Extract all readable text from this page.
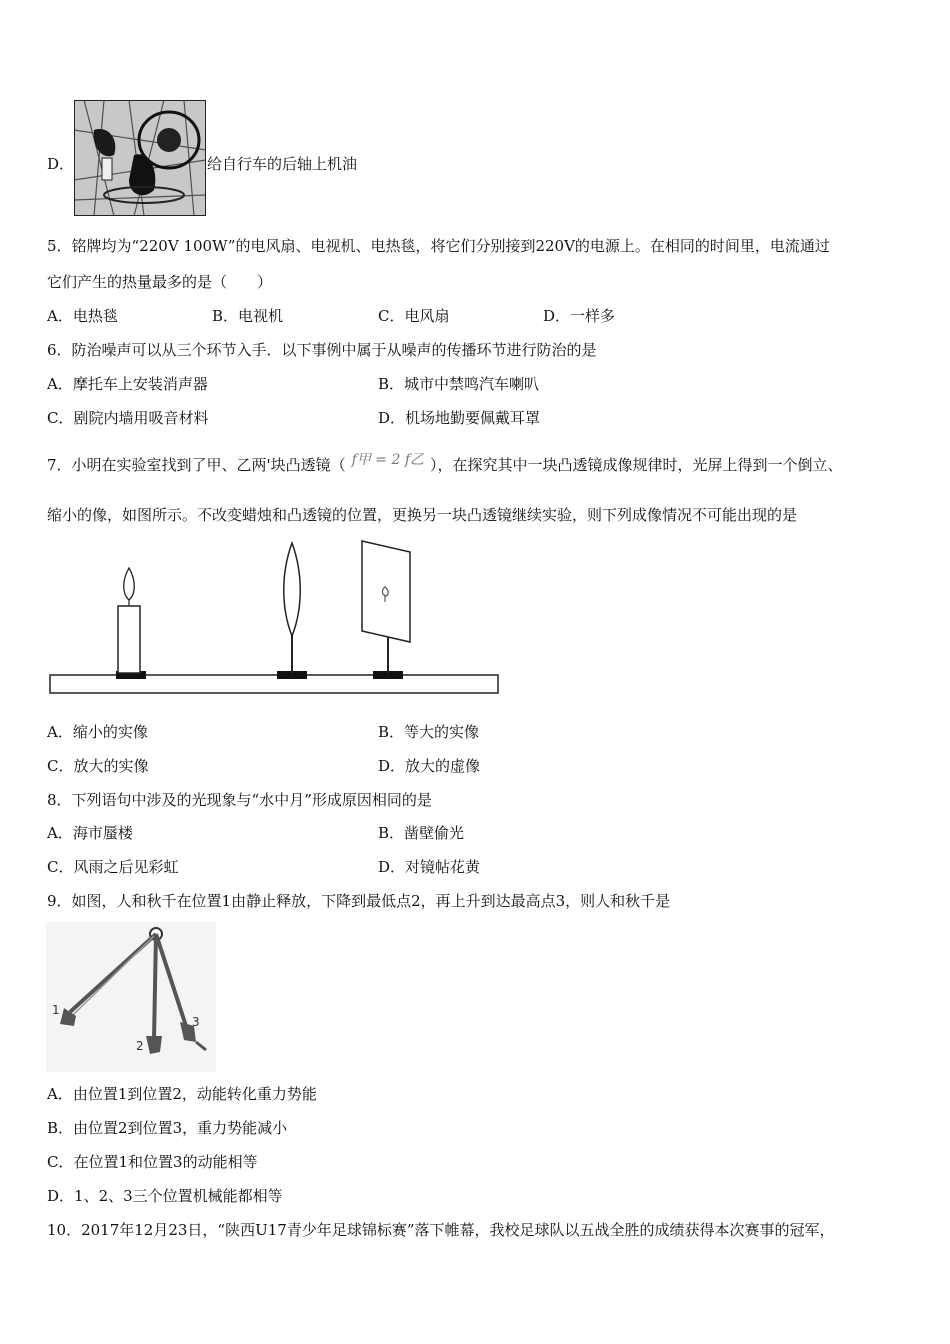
D．	给自行车的后轴上机油
5．铭牌均为“220V 100W”的电风扇、电视机、电热毯，将它们分别接到220V的电源上。在相同的时间里，电流通过
它们产生的热量最多的是（　　）
A．电热毯	B．电视机	C．电风扇	D．一样多
6．防治噪声可以从三个环节入手．以下事例中属于从噪声的传播环节进行防治的是
A．摩托车上安装消声器	B．城市中禁鸣汽车喇叭
C．剧院内墙用吸音材料	D．机场地勤要佩戴耳罩
7．小明在实验室找到了甲、乙两'块凸透镜（ f甲 = 2 f乙 ），在探究其中一块凸透镜成像规律时，光屏上得到一个倒立、
缩小的像，如图所示。不改变蜡烛和凸透镜的位置，更换另一块凸透镜继续实验，则下列成像情况不可能出现的是
A．缩小的实像	B．等大的实像
C．放大的实像	D．放大的虚像
8．下列语句中涉及的光现象与“水中月”形成原因相同的是
A．海市蜃楼	B．凿壁偷光
C．风雨之后见彩虹	D．对镜帖花黄
9．如图，人和秋千在位置1由静止释放，下降到最低点2，再上升到达最高点3，则人和秋千是
1
2
3
A．由位置1到位置2，动能转化重力势能
B．由位置2到位置3，重力势能减小
C．在位置1和位置3的动能相等
D．1、2、3三个位置机械能都相等
10．2017年12月23日，“陕西U17青少年足球锦标赛”落下帷幕，我校足球队以五战全胜的成绩获得本次赛事的冠军，
